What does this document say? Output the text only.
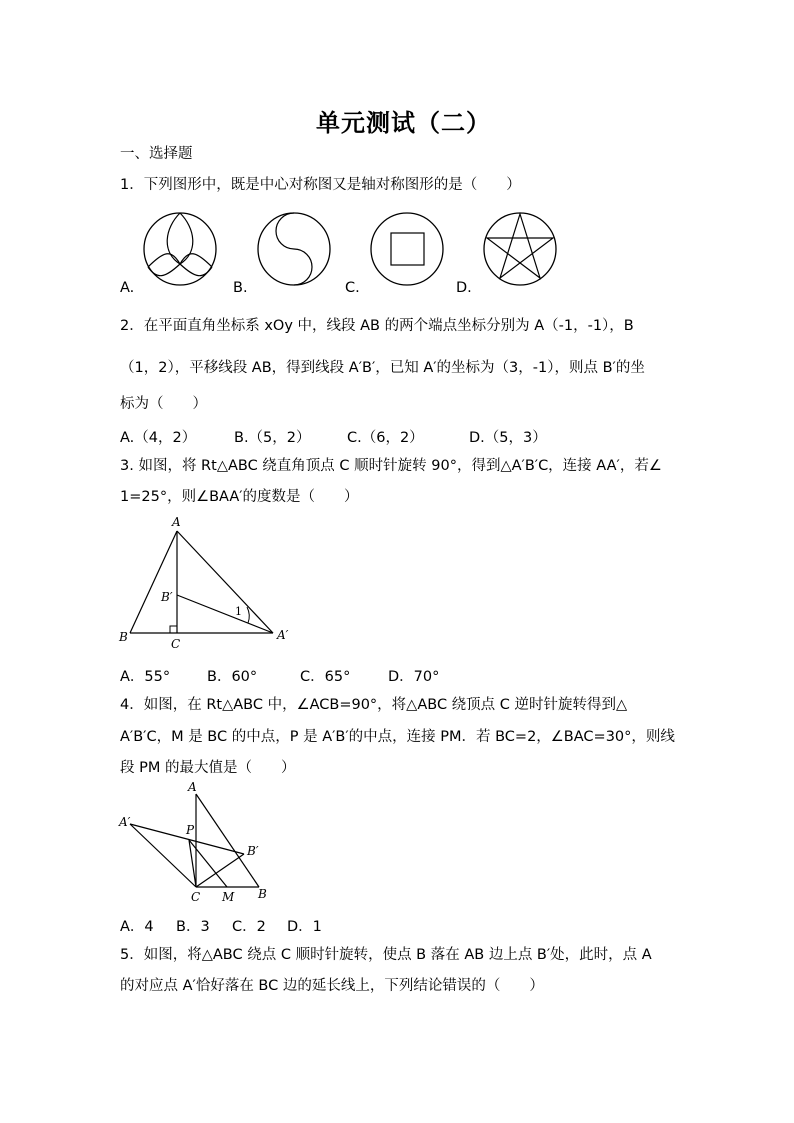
单元测试（二）
一、选择题
1．下列图形中，既是中心对称图又是轴对称图形的是（　　）
A.	B.	C.	D.
2．在平面直角坐标系 xOy 中，线段 AB 的两个端点坐标分别为 A（-1，-1），B
（1，2），平移线段 AB，得到线段 A′B′，已知 A′的坐标为（3，-1），则点 B′的坐
标为（　　）
A.（4，2）	B.（5，2）	C.（6，2）	D.（5，3）
3. 如图，将 Rt△ABC 绕直角顶点 C 顺时针旋转 90°，得到△A′B′C，连接 AA′，若∠
1=25°，则∠BAA′的度数是（　　）
A
B′
1
B	C
A′
A．55°	B．60°	C．65°	D．70°
4．如图，在 Rt△ABC 中，∠ACB=90°，将△ABC 绕顶点 C 逆时针旋转得到△
A′B′C，M 是 BC 的中点，P 是 A′B′的中点，连接 PM．若 BC=2，∠BAC=30°，则线
段 PM 的最大值是（　　）
A
A′
P
B′
C M B
A．4 B．3 C．2 D．1
5．如图，将△ABC 绕点 C 顺时针旋转，使点 B 落在 AB 边上点 B′处，此时，点 A
的对应点 A′恰好落在 BC 边的延长线上，下列结论错误的（　　）
